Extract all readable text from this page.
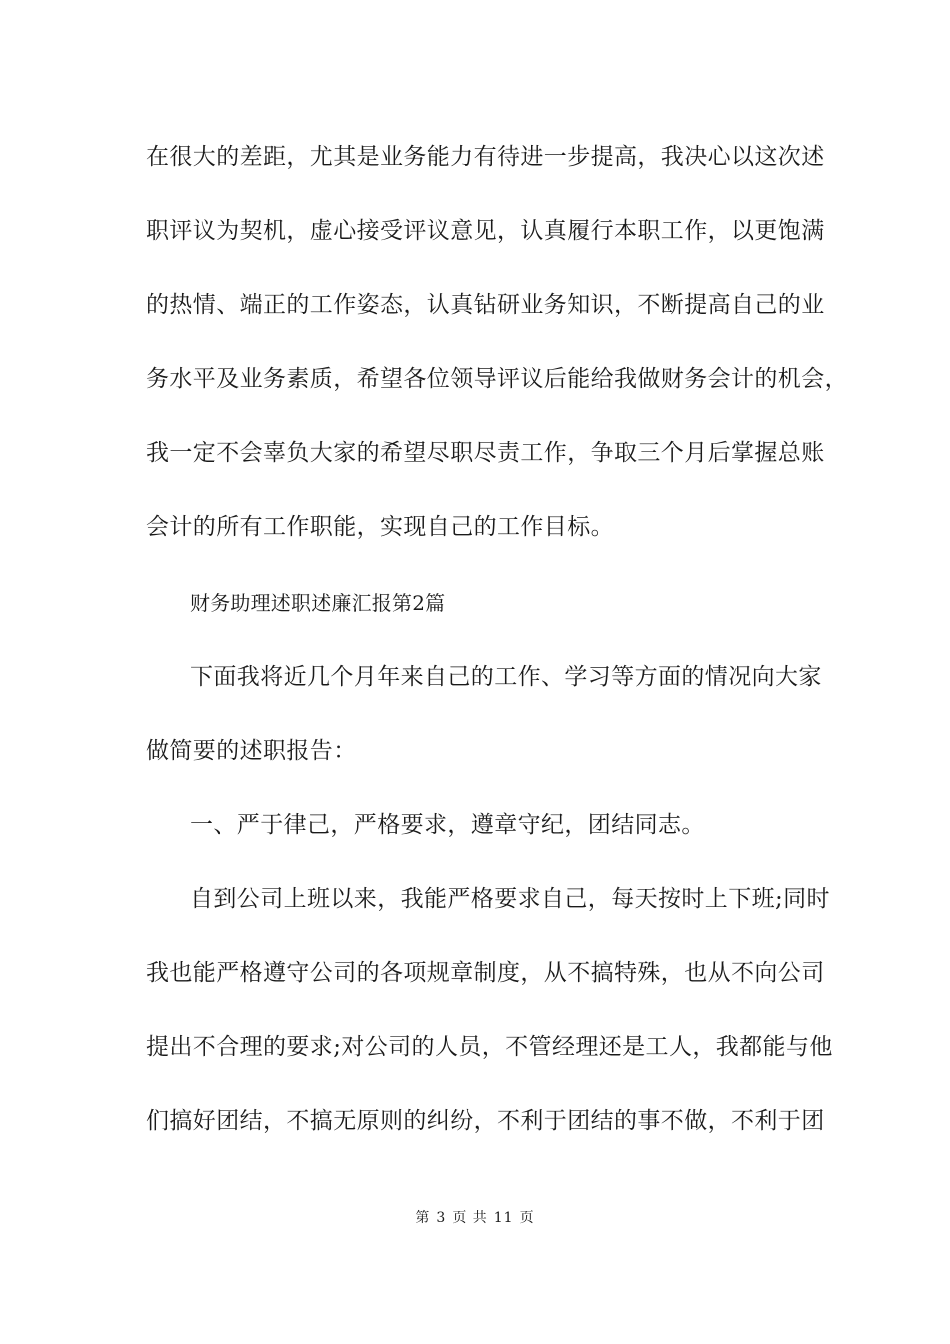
在很大的差距，尤其是业务能力有待进一步提高，我决心以这次述
职评议为契机，虚心接受评议意见，认真履行本职工作，以更饱满
的热情、端正的工作姿态，认真钻研业务知识，不断提高自己的业
务水平及业务素质，希望各位领导评议后能给我做财务会计的机会，
我一定不会辜负大家的希望尽职尽责工作，争取三个月后掌握总账
会计的所有工作职能，实现自己的工作目标。
财务助理述职述廉汇报第2篇
下面我将近几个月年来自己的工作、学习等方面的情况向大家
做简要的述职报告：
一、严于律己，严格要求，遵章守纪，团结同志。
自到公司上班以来，我能严格要求自己，每天按时上下班;同时
我也能严格遵守公司的各项规章制度，从不搞特殊，也从不向公司
提出不合理的要求;对公司的人员，不管经理还是工人，我都能与他
们搞好团结，不搞无原则的纠纷，不利于团结的事不做，不利于团
第 3 页 共 11 页
